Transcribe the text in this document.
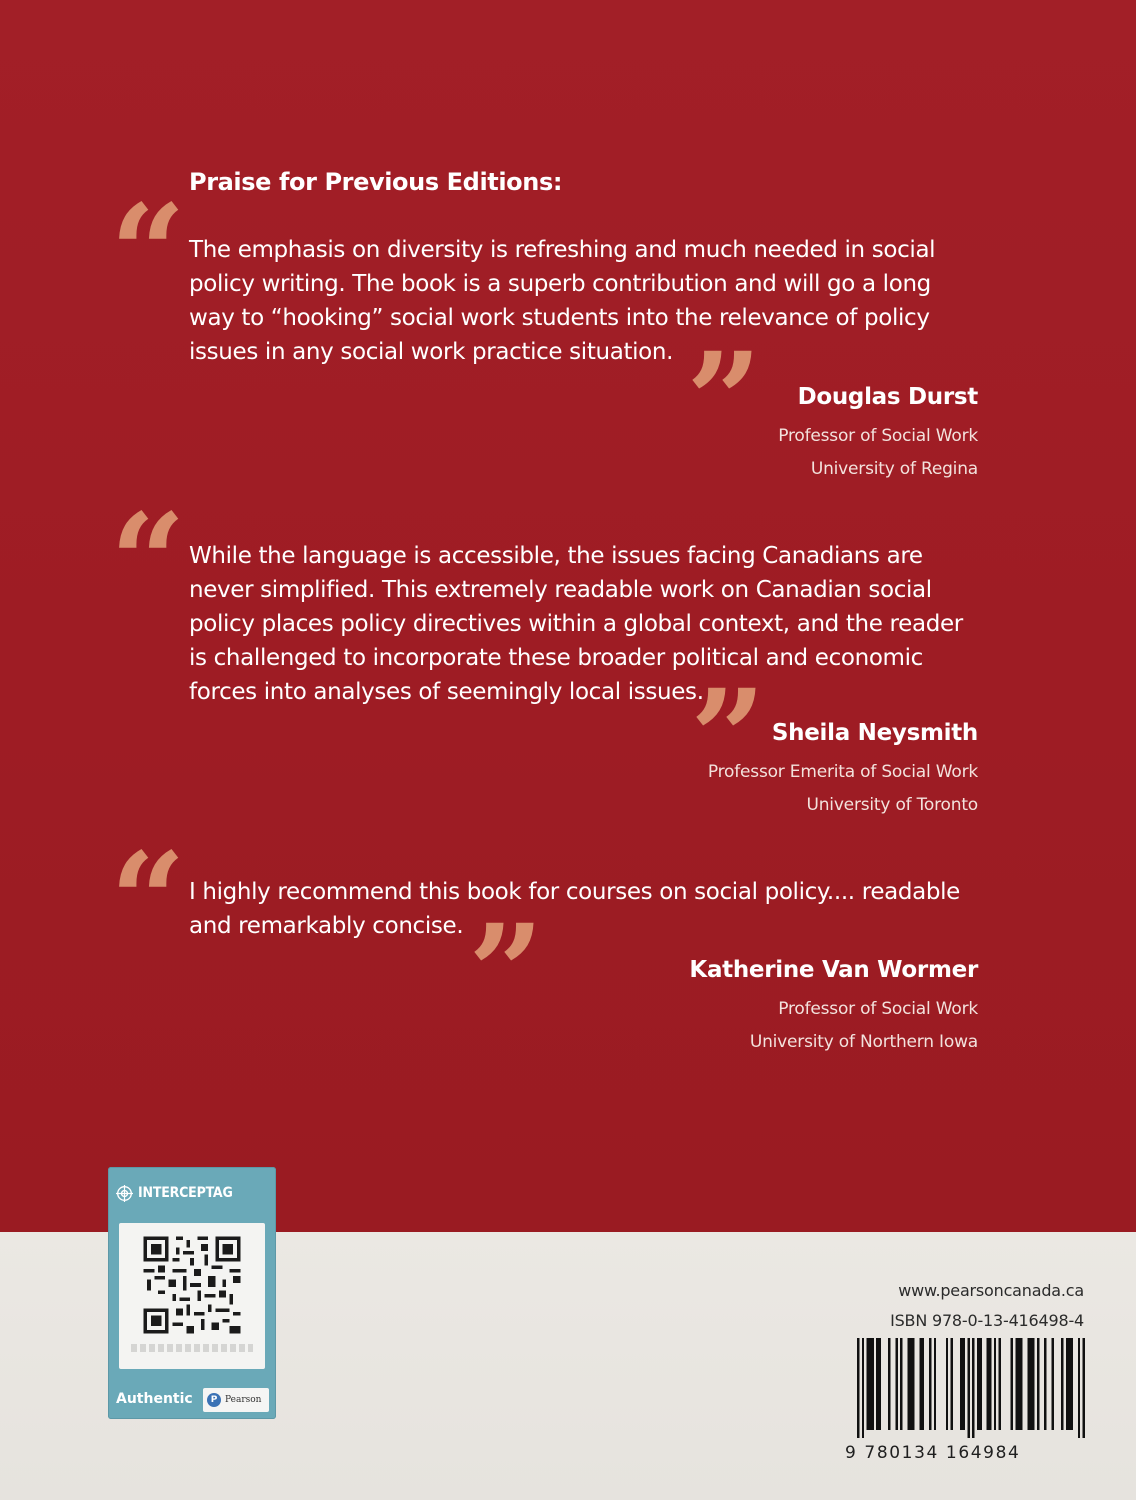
Praise for Previous Editions:
“ The emphasis on diversity is refreshing and much needed in social

policy writing. The book is a superb contribution and will go a long

way to “hooking” social work students into the relevance of policy

issues in any social work practice situation. ”	Douglas Durst
Professor of Social Work
University of Regina
“ While the language is accessible, the issues facing Canadians are

never simplified. This extremely readable work on Canadian social

policy places policy directives within a global context, and the reader

is challenged to incorporate these broader political and economic

forces into analyses of seemingly local issues.

” Sheila Neysmith
Professor Emerita of Social Work
University of Toronto
“ I highly recommend this book for courses on social policy.... readable

and remarkably concise. ”	Katherine Van Wormer
Professor of Social Work
University of Northern Iowa
INTERCEPTAG
Authentic	P Pearson
www.pearsoncanada.ca
ISBN 978-0-13-416498-4
9 780134 164984
